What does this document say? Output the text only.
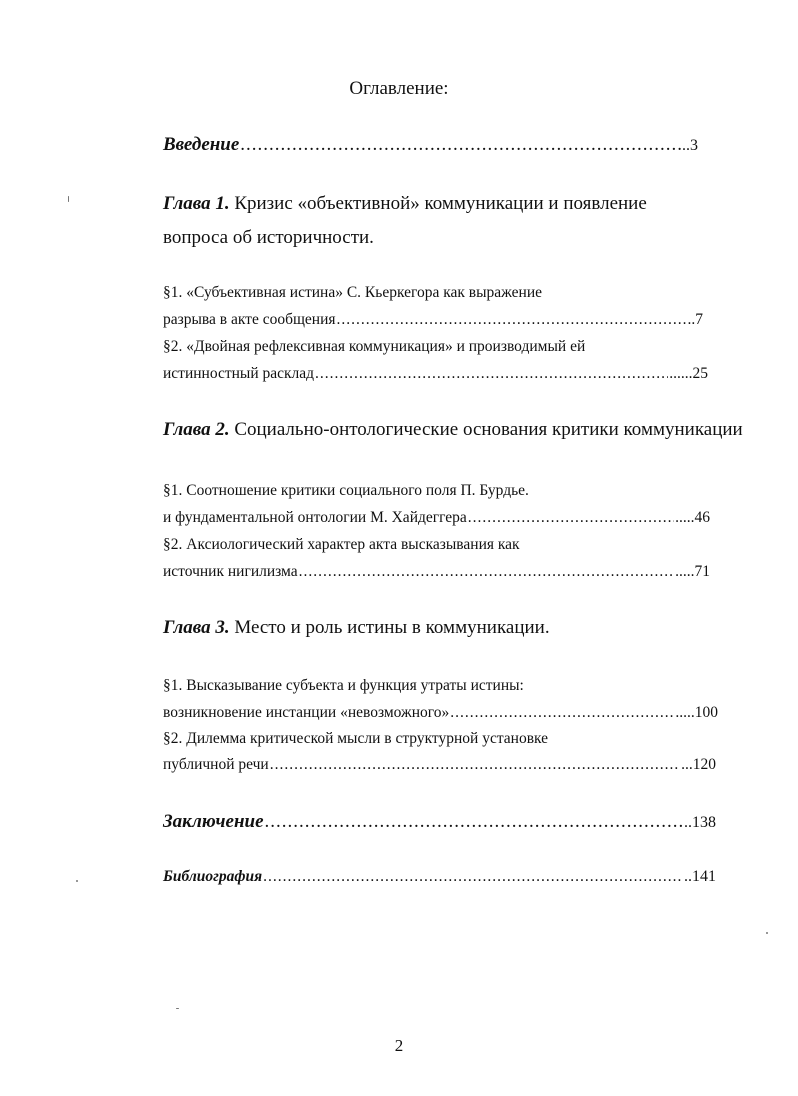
Оглавление:
Введение .....	..3
Глава 1. Кризис «объективной» коммуникации и появление
вопроса об историчности.
§1. «Субъективная истина» С. Кьеркегора как выражение
разрыва в акте сообщения .....	..7
§2. «Двойная рефлексивная коммуникация» и производимый ей
истинностный расклад .....	......25
Глава 2. Социально-онтологические основания критики коммуникации
§1. Соотношение критики социального поля П. Бурдье.
и фундаментальной онтологии М. Хайдеггера .....	.....46
§2. Аксиологический характер акта высказывания как
источник нигилизма .....	.....71
Глава 3. Место и роль истины в коммуникации.
§1. Высказывание субъекта и функция утраты истины:
возникновение инстанции «невозможного» .....	.....100
§2. Дилемма критической мысли в структурной установке
публичной речи .....	...120
Заключение .....	..138
Библиография .....	..141
2
